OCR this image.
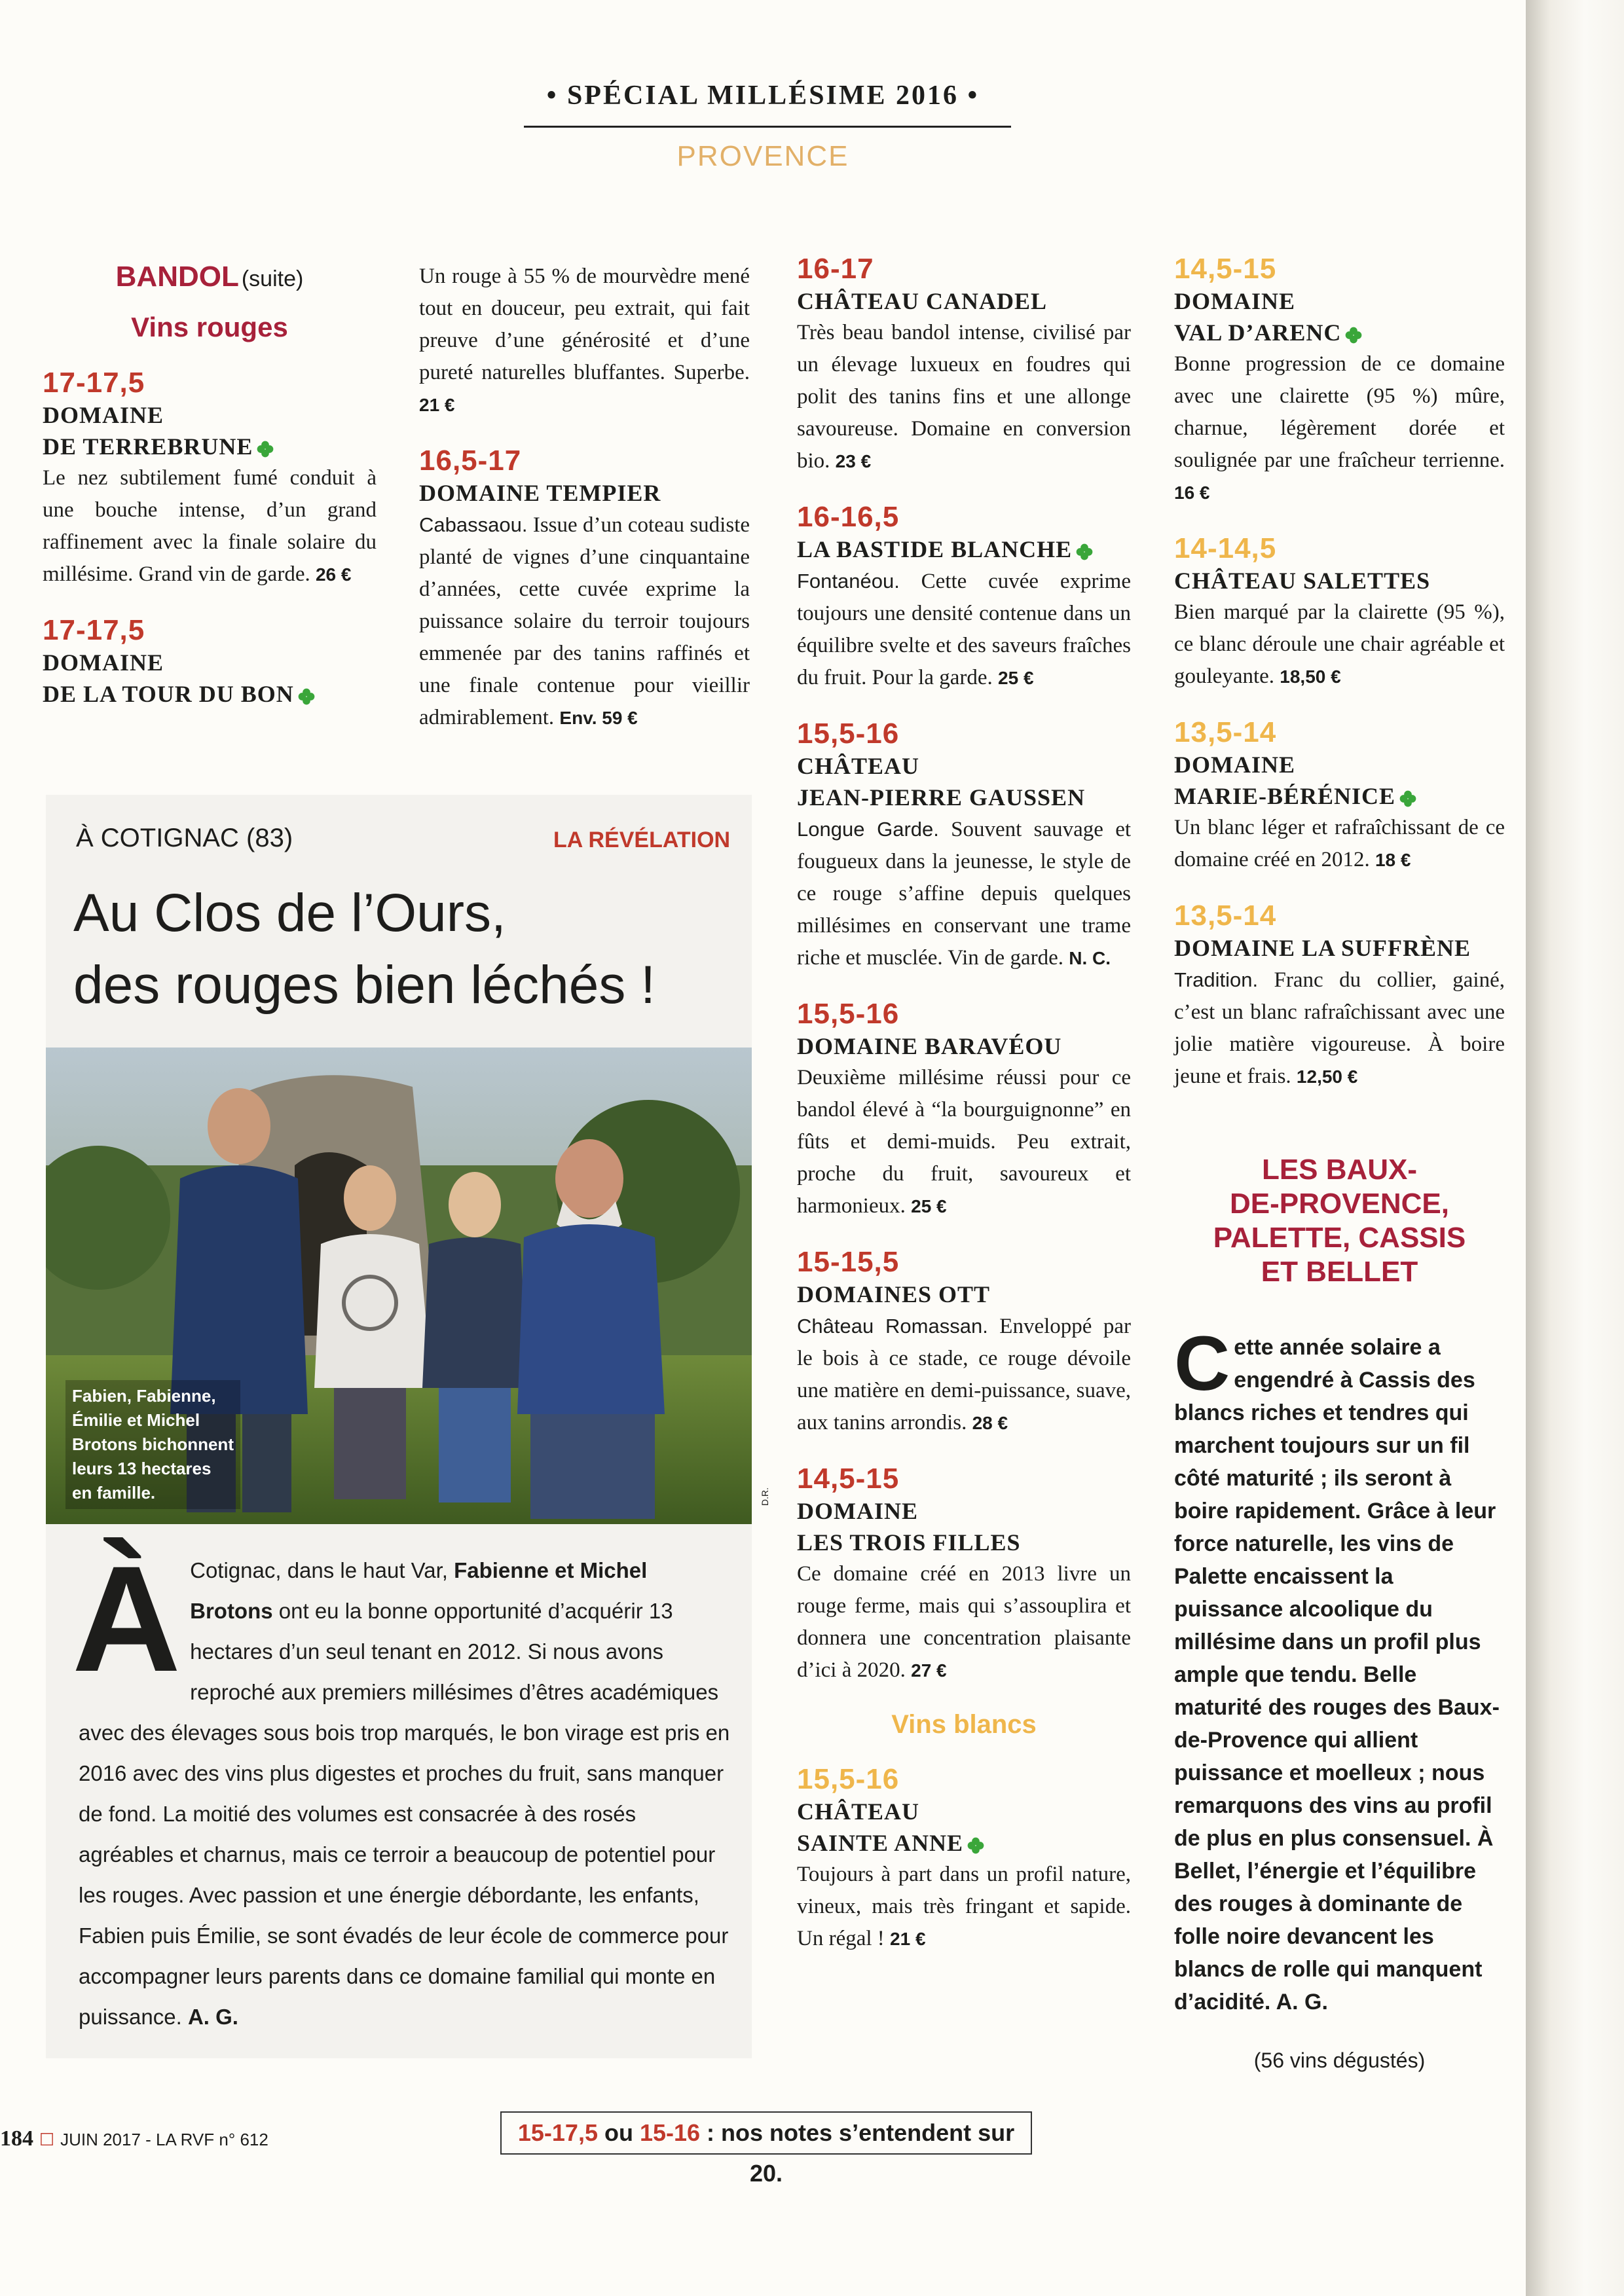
• SPÉCIAL MILLÉSIME 2016 •
PROVENCE
BANDOL (suite)
Vins rouges
17-17,5
DOMAINE
DE TERREBRUNE
Le nez subtilement fumé conduit à une bouche intense, d’un grand raffinement avec la finale solaire du millésime. Grand vin de garde. 26 €
17-17,5
DOMAINE
DE LA TOUR DU BON
Un rouge à 55 % de mourvèdre mené tout en douceur, peu extrait, qui fait preuve d’une générosité et d’une pureté naturelles bluffantes. Superbe. 21 €
16,5-17
DOMAINE TEMPIER
Cabassaou. Issue d’un coteau sudiste planté de vignes d’une cinquantaine d’années, cette cuvée exprime la puissance solaire du terroir toujours emmenée par des tanins raffinés et une finale contenue pour vieillir admirablement. Env. 59 €
16-17
CHÂTEAU CANADEL
Très beau bandol intense, civilisé par un élevage luxueux en foudres qui polit des tanins fins et une allonge savoureuse. Domaine en conversion bio. 23 €
16-16,5
LA BASTIDE BLANCHE
Fontanéou. Cette cuvée exprime toujours une densité contenue dans un équilibre svelte et des saveurs fraîches du fruit. Pour la garde. 25 €
15,5-16
CHÂTEAU
JEAN-PIERRE GAUSSEN
Longue Garde. Souvent sauvage et fougueux dans la jeunesse, le style de ce rouge s’affine depuis quelques millésimes en conservant une trame riche et musclée. Vin de garde. N. C.
15,5-16
DOMAINE BARAVÉOU
Deuxième millésime réussi pour ce bandol élevé à “la bourguignonne” en fûts et demi-muids. Peu extrait, proche du fruit, savoureux et harmonieux. 25 €
15-15,5
DOMAINES OTT
Château Romassan. Enveloppé par le bois à ce stade, ce rouge dévoile une matière en demi-puissance, suave, aux tanins arrondis. 28 €
14,5-15
DOMAINE
LES TROIS FILLES
Ce domaine créé en 2013 livre un rouge ferme, mais qui s’assouplira et donnera une concentration plaisante d’ici à 2020. 27 €
Vins blancs
15,5-16
CHÂTEAU
SAINTE ANNE
Toujours à part dans un profil nature, vineux, mais très fringant et sapide. Un régal ! 21 €
14,5-15
DOMAINE
VAL D’ARENC
Bonne progression de ce domaine avec une clairette (95 %) mûre, charnue, légèrement dorée et soulignée par une fraîcheur terrienne. 16 €
14-14,5
CHÂTEAU SALETTES
Bien marqué par la clairette (95 %), ce blanc déroule une chair agréable et gouleyante. 18,50 €
13,5-14
DOMAINE
MARIE-BÉRÉNICE
Un blanc léger et rafraîchissant de ce domaine créé en 2012. 18 €
13,5-14
DOMAINE LA SUFFRÈNE
Tradition. Franc du collier, gainé, c’est un blanc rafraîchissant avec une jolie matière vigoureuse. À boire jeune et frais. 12,50 €
LES BAUX-
DE-PROVENCE,
PALETTE, CASSIS
ET BELLET
Cette année solaire a engendré à Cassis des blancs riches et tendres qui marchent toujours sur un fil côté maturité ; ils seront à boire rapidement. Grâce à leur force naturelle, les vins de Palette encaissent la puissance alcoolique du millésime dans un profil plus ample que tendu. Belle maturité des rouges des Baux-de-Provence qui allient puissance et moelleux ; nous remarquons des vins au profil de plus en plus consensuel. À Bellet, l’énergie et l’équilibre des rouges à dominante de folle noire devancent les blancs de rolle qui manquent d’acidité. A. G.
(56 vins dégustés)
À COTIGNAC (83)	LA RÉVÉLATION
Au Clos de l’Ours,
des rouges bien léchés !
Fabien, Fabienne,
Émilie et Michel
Brotons bichonnent
leurs 13 hectares
en famille.	D.R.
À Cotignac, dans le haut Var, Fabienne et Michel Brotons ont eu la bonne opportunité d’acquérir 13 hectares d’un seul tenant en 2012. Si nous avons reproché aux premiers millésimes d’êtres académiques avec des élevages sous bois trop marqués, le bon virage est pris en 2016 avec des vins plus digestes et proches du fruit, sans manquer de fond. La moitié des volumes est consacrée à des rosés agréables et charnus, mais ce terroir a beaucoup de potentiel pour les rouges. Avec passion et une énergie débordante, les enfants, Fabien puis Émilie, se sont évadés de leur école de commerce pour accompagner leurs parents dans ce domaine familial qui monte en puissance. A. G.
184 ☐ JUIN 2017 - LA RVF n° 612	15-17,5 ou 15-16 : nos notes s’entendent sur 20.
